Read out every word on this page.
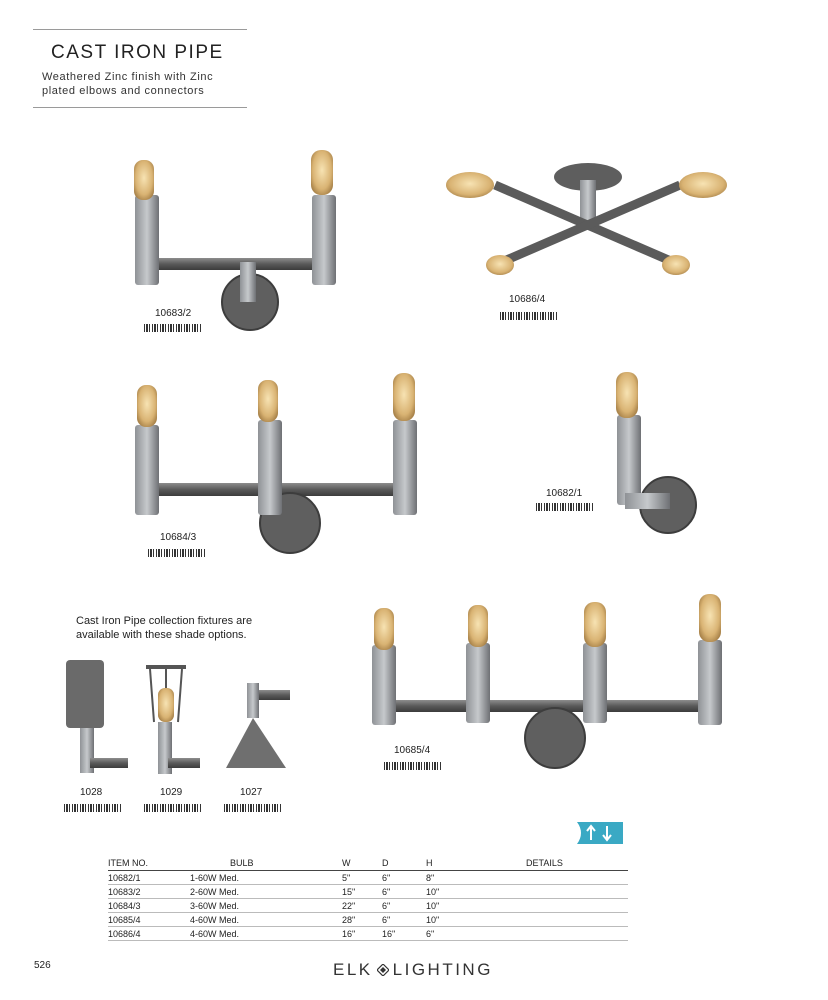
CAST IRON PIPE
Weathered Zinc finish with Zinc
plated elbows and connectors
10683/2
10686/4
10684/3
10682/1
10685/4
Cast Iron Pipe collection fixtures are
available with these shade options.
1028	1029	1027
ITEM NO.	BULB	W	D	H	DETAILS
10682/1	1-60W Med.	5"	6"	8"	
10683/2	2-60W Med.	15"	6"	10"	
10684/3	3-60W Med.	22"	6"	10"	
10685/4	4-60W Med.	28"	6"	10"	
10686/4	4-60W Med.	16"	16"	6"	
526	ELK LIGHTING
